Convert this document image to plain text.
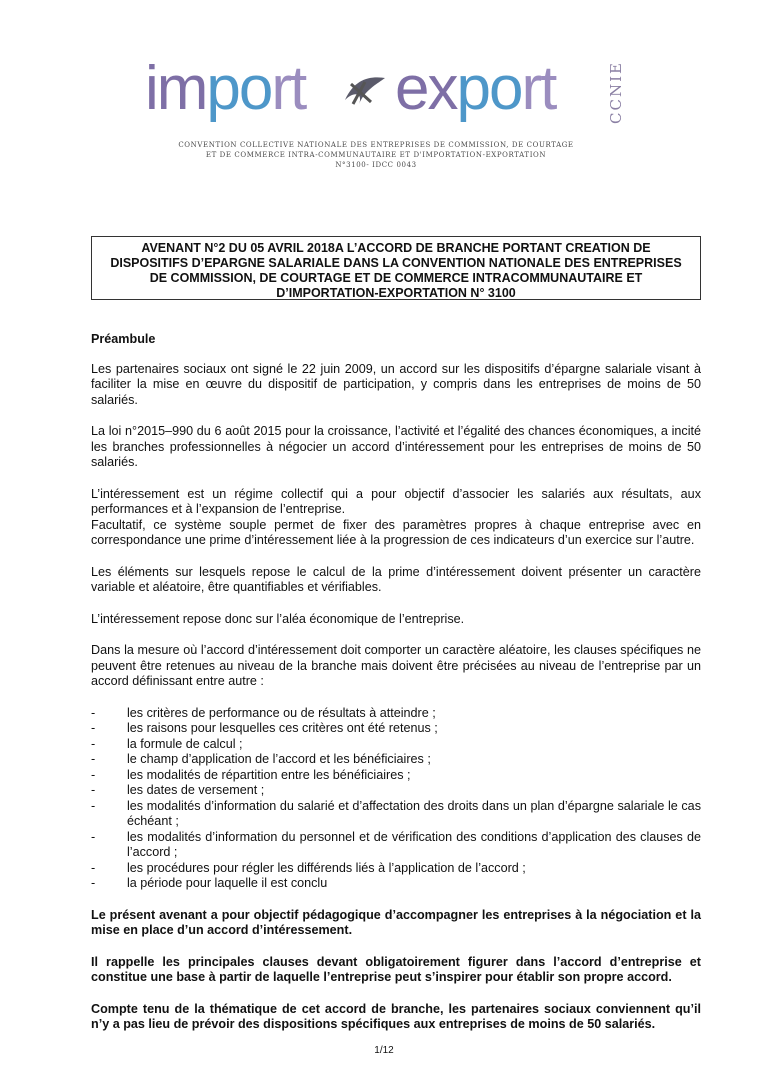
import export	CCNIE
CONVENTION COLLECTIVE NATIONALE DES ENTREPRISES DE COMMISSION, DE COURTAGE
ET DE COMMERCE INTRA-COMMUNAUTAIRE ET D'IMPORTATION-EXPORTATION
N°3100- IDCC 0043
AVENANT N°2 DU 05 AVRIL 2018A L’ACCORD DE BRANCHE PORTANT CREATION DE
DISPOSITIFS D’EPARGNE SALARIALE DANS LA CONVENTION NATIONALE DES ENTREPRISES
DE COMMISSION, DE COURTAGE ET DE COMMERCE INTRACOMMUNAUTAIRE ET
D’IMPORTATION-EXPORTATION N° 3100
Préambule

Les partenaires sociaux ont signé le 22 juin 2009, un accord sur les dispositifs d’épargne salariale visant à faciliter la mise en œuvre du dispositif de participation, y compris dans les entreprises de moins de 50 salariés.

La loi n°2015–990 du 6 août 2015 pour la croissance, l’activité et l’égalité des chances économiques, a incité les branches professionnelles à négocier un accord d’intéressement pour les entreprises de moins de 50 salariés.

L’intéressement est un régime collectif qui a pour objectif d’associer les salariés aux résultats, aux performances et à l’expansion de l’entreprise.

Facultatif, ce système souple permet de fixer des paramètres propres à chaque entreprise avec en correspondance une prime d’intéressement liée à la progression de ces indicateurs d’un exercice sur l’autre.

Les éléments sur lesquels repose le calcul de la prime d’intéressement doivent présenter un caractère variable et aléatoire, être quantifiables et vérifiables.

L’intéressement repose donc sur l’aléa économique de l’entreprise.

Dans la mesure où l’accord d’intéressement doit comporter un caractère aléatoire, les clauses spécifiques ne peuvent être retenues au niveau de la branche mais doivent être précisées au niveau de l’entreprise par un accord définissant entre autre :

- les critères de performance ou de résultats à atteindre ;
- les raisons pour lesquelles ces critères ont été retenus ;
- la formule de calcul ;
- le champ d’application de l’accord et les bénéficiaires ;
- les modalités de répartition entre les bénéficiaires ;
- les dates de versement ;
- les modalités d’information du salarié et d’affectation des droits dans un plan d’épargne salariale le cas échéant ;
- les modalités d’information du personnel et de vérification des conditions d’application des clauses de l’accord ;
- les procédures pour régler les différends liés à l’application de l’accord ;
- la période pour laquelle il est conclu

Le présent avenant a pour objectif pédagogique d’accompagner les entreprises à la négociation et la mise en place d’un accord d’intéressement.

Il rappelle les principales clauses devant obligatoirement figurer dans l’accord d’entreprise et constitue une base à partir de laquelle l’entreprise peut s’inspirer pour établir son propre accord.

Compte tenu de la thématique de cet accord de branche, les partenaires sociaux conviennent qu’il n’y a pas lieu de prévoir des dispositions spécifiques aux entreprises de moins de 50 salariés.

1/12
